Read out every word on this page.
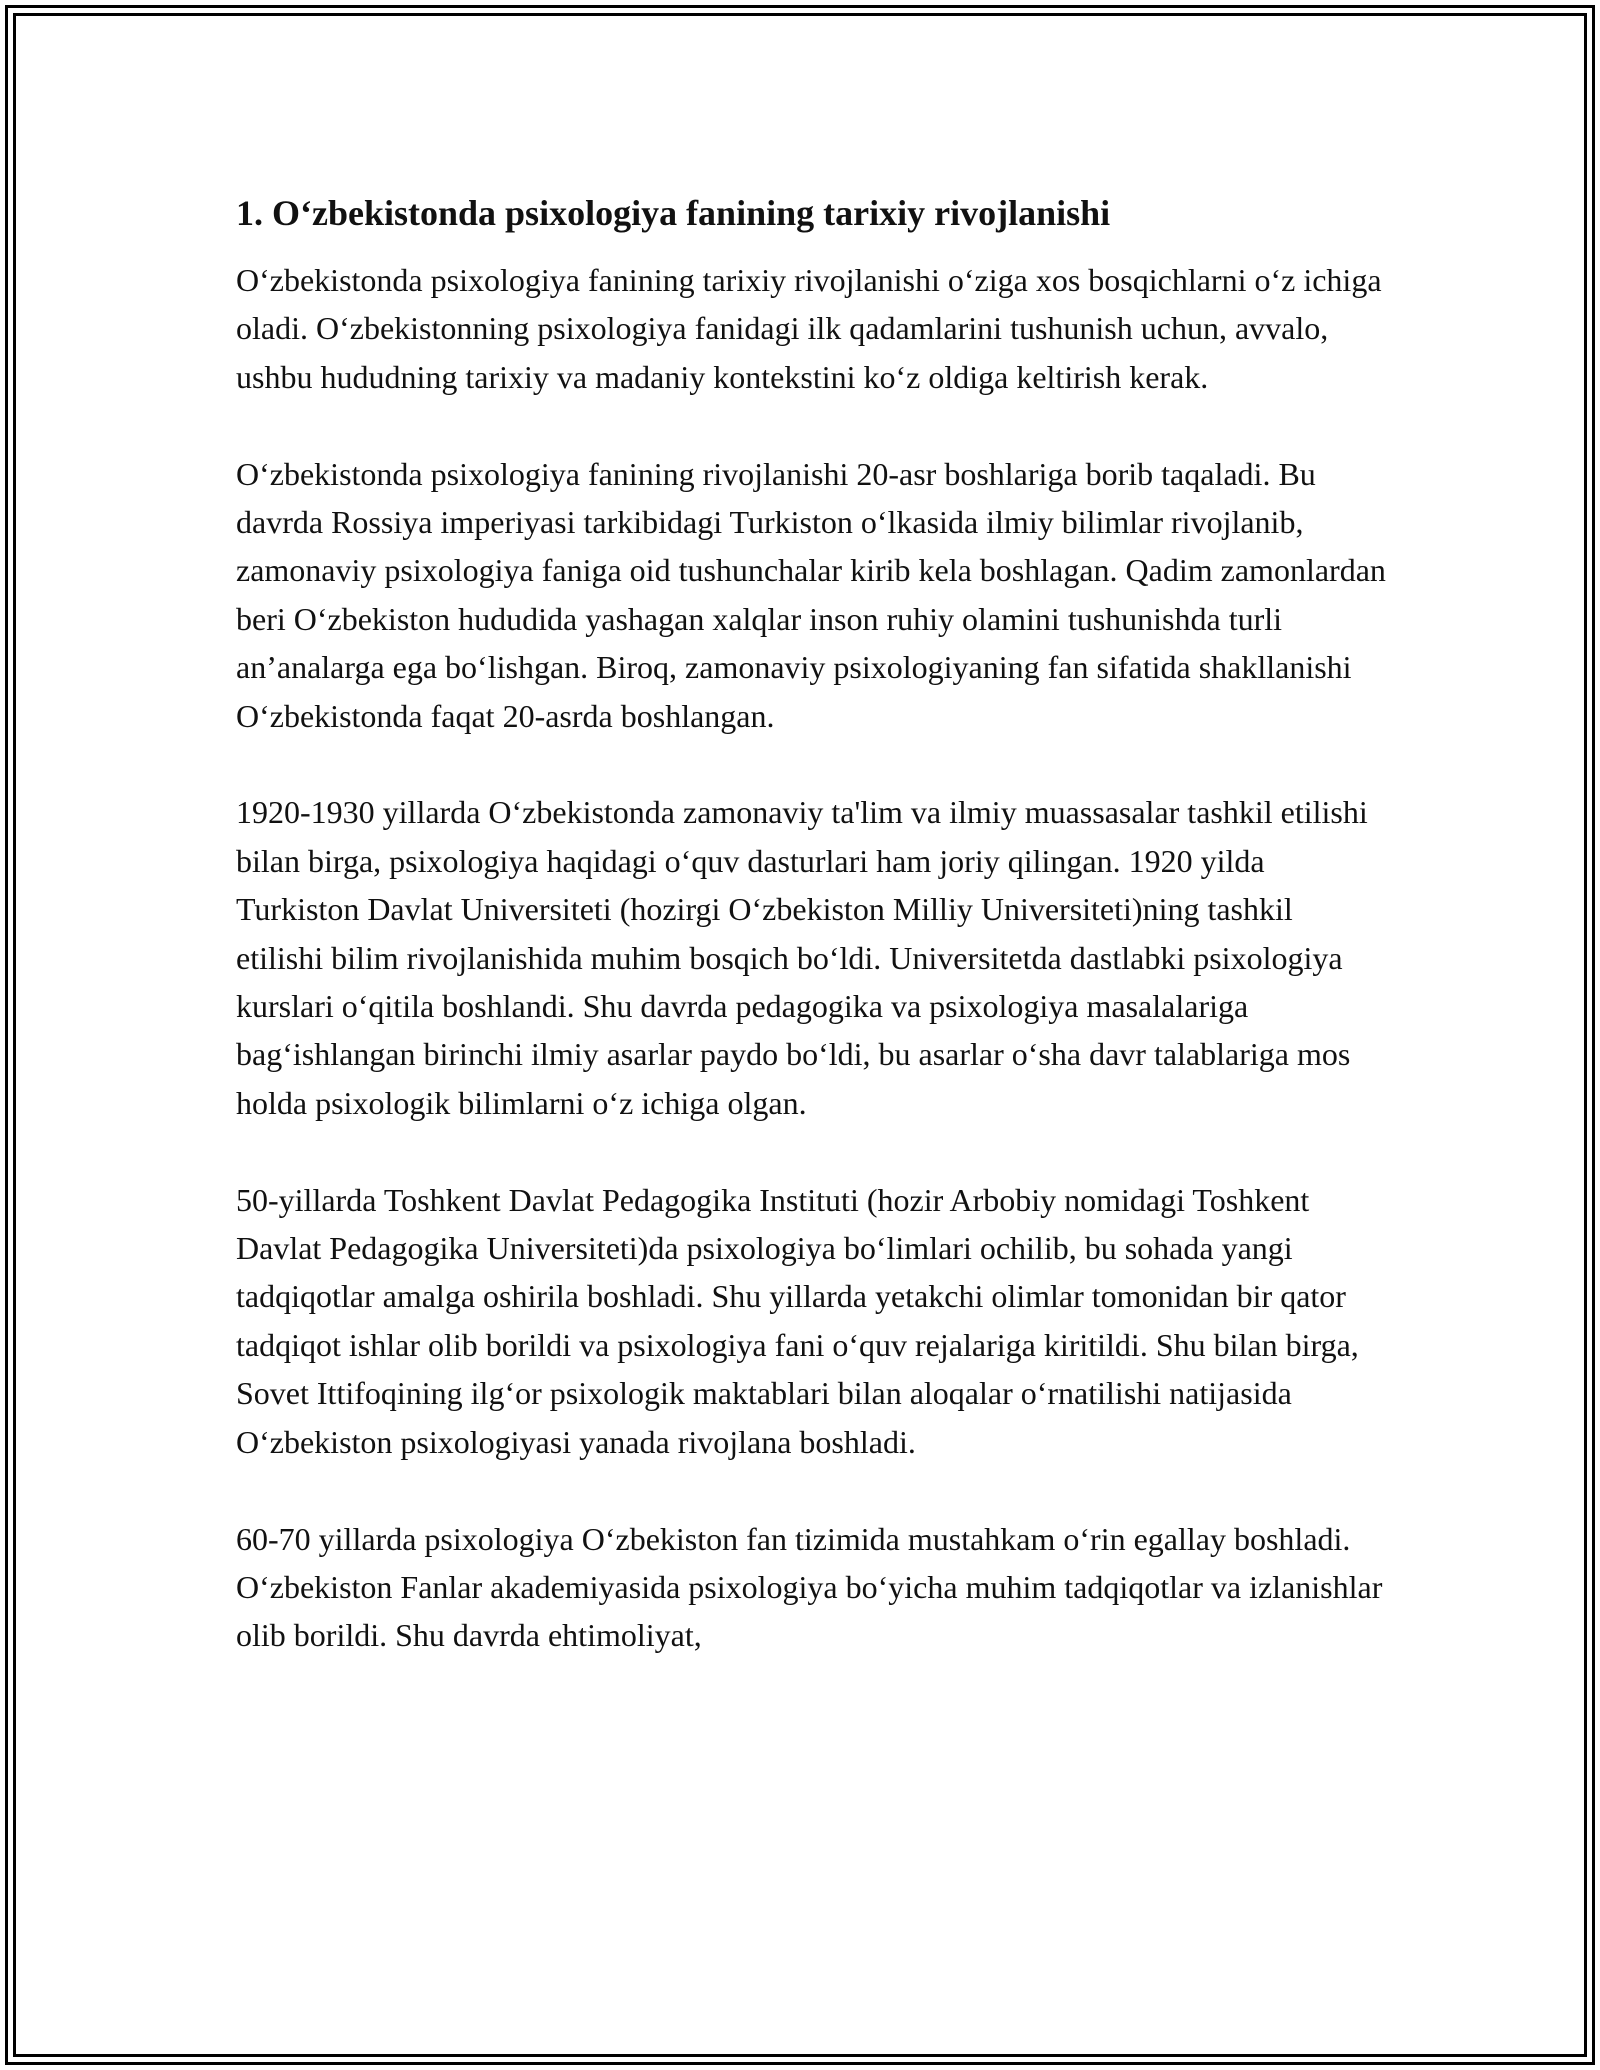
1. O‘zbekistonda psixologiya fanining tarixiy rivojlanishi

O‘zbekistonda psixologiya fanining tarixiy rivojlanishi o‘ziga xos bosqichlarni o‘z ichiga oladi. O‘zbekistonning psixologiya fanidagi ilk qadamlarini tushunish uchun, avvalo, ushbu hududning tarixiy va madaniy kontekstini ko‘z oldiga keltirish kerak.

O‘zbekistonda psixologiya fanining rivojlanishi 20-asr boshlariga borib taqaladi. Bu davrda Rossiya imperiyasi tarkibidagi Turkiston o‘lkasida ilmiy bilimlar rivojlanib, zamonaviy psixologiya faniga oid tushunchalar kirib kela boshlagan. Qadim zamonlardan beri O‘zbekiston hududida yashagan xalqlar inson ruhiy olamini tushunishda turli an’analarga ega bo‘lishgan. Biroq, zamonaviy psixologiyaning fan sifatida shakllanishi O‘zbekistonda faqat 20-asrda boshlangan.

1920-1930 yillarda O‘zbekistonda zamonaviy ta'lim va ilmiy muassasalar tashkil etilishi bilan birga, psixologiya haqidagi o‘quv dasturlari ham joriy qilingan. 1920 yilda Turkiston Davlat Universiteti (hozirgi O‘zbekiston Milliy Universiteti)ning tashkil etilishi bilim rivojlanishida muhim bosqich bo‘ldi. Universitetda dastlabki psixologiya kurslari o‘qitila boshlandi. Shu davrda pedagogika va psixologiya masalalariga bag‘ishlangan birinchi ilmiy asarlar paydo bo‘ldi, bu asarlar o‘sha davr talablariga mos holda psixologik bilimlarni o‘z ichiga olgan.

50-yillarda Toshkent Davlat Pedagogika Instituti (hozir Arbobiy nomidagi Toshkent Davlat Pedagogika Universiteti)da psixologiya bo‘limlari ochilib, bu sohada yangi tadqiqotlar amalga oshirila boshladi. Shu yillarda yetakchi olimlar tomonidan bir qator tadqiqot ishlar olib borildi va psixologiya fani o‘quv rejalariga kiritildi. Shu bilan birga, Sovet Ittifoqining ilg‘or psixologik maktablari bilan aloqalar o‘rnatilishi natijasida O‘zbekiston psixologiyasi yanada rivojlana boshladi.

60-70 yillarda psixologiya O‘zbekiston fan tizimida mustahkam o‘rin egallay boshladi. O‘zbekiston Fanlar akademiyasida psixologiya bo‘yicha muhim tadqiqotlar va izlanishlar olib borildi. Shu davrda ehtimoliyat,
